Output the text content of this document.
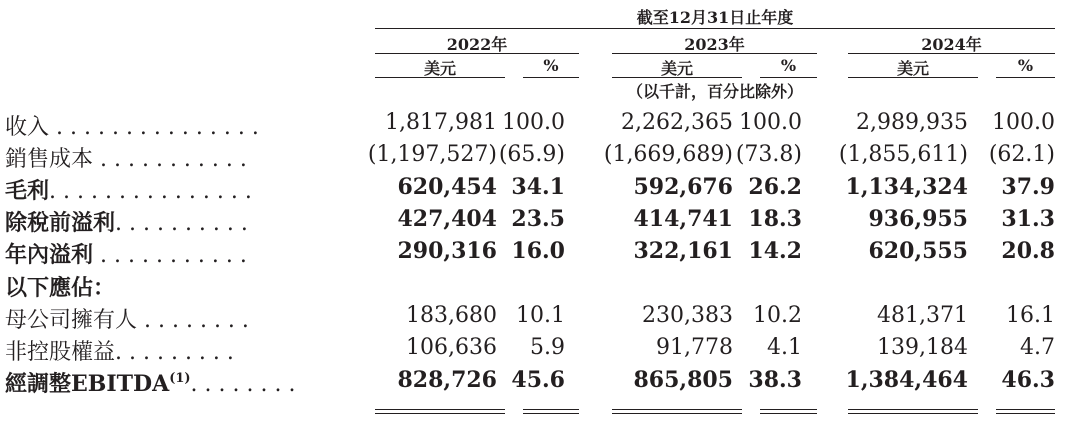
截至12月31日止年度
2022年	2023年	2024年
美元	%	美元	%	美元	%
（以千計，百分比除外）
收入 . . . . . . . . . . . . . . .	1,817,981 100.0	2,262,365 100.0 2,989,935 100.0
銷售成本 . . . . . . . . . . .	(1,197,527) (65.9) (1,669,689) (73.8) (1,855,611) (62.1)
毛利. . . . . . . . . . . . . . .	620,454 34.1	592,676 26.2 1,134,324 37.9
除稅前溢利. . . . . . . . . .	427,404 23.5	414,741 18.3	936,955 31.3
年內溢利 . . . . . . . . . . .	290,316 16.0	322,161 14.2	620,555 20.8
以下應佔：
母公司擁有人 . . . . . . . .	183,680 10.1	230,383 10.2	481,371 16.1
非控股權益. . . . . . . . .	106,636 5.9	91,778 4.1	139,184 4.7
經調整EBITDA$^{(1)}$. . . . . . . .	828,726 45.6	865,805 38.3 1,384,464 46.3
